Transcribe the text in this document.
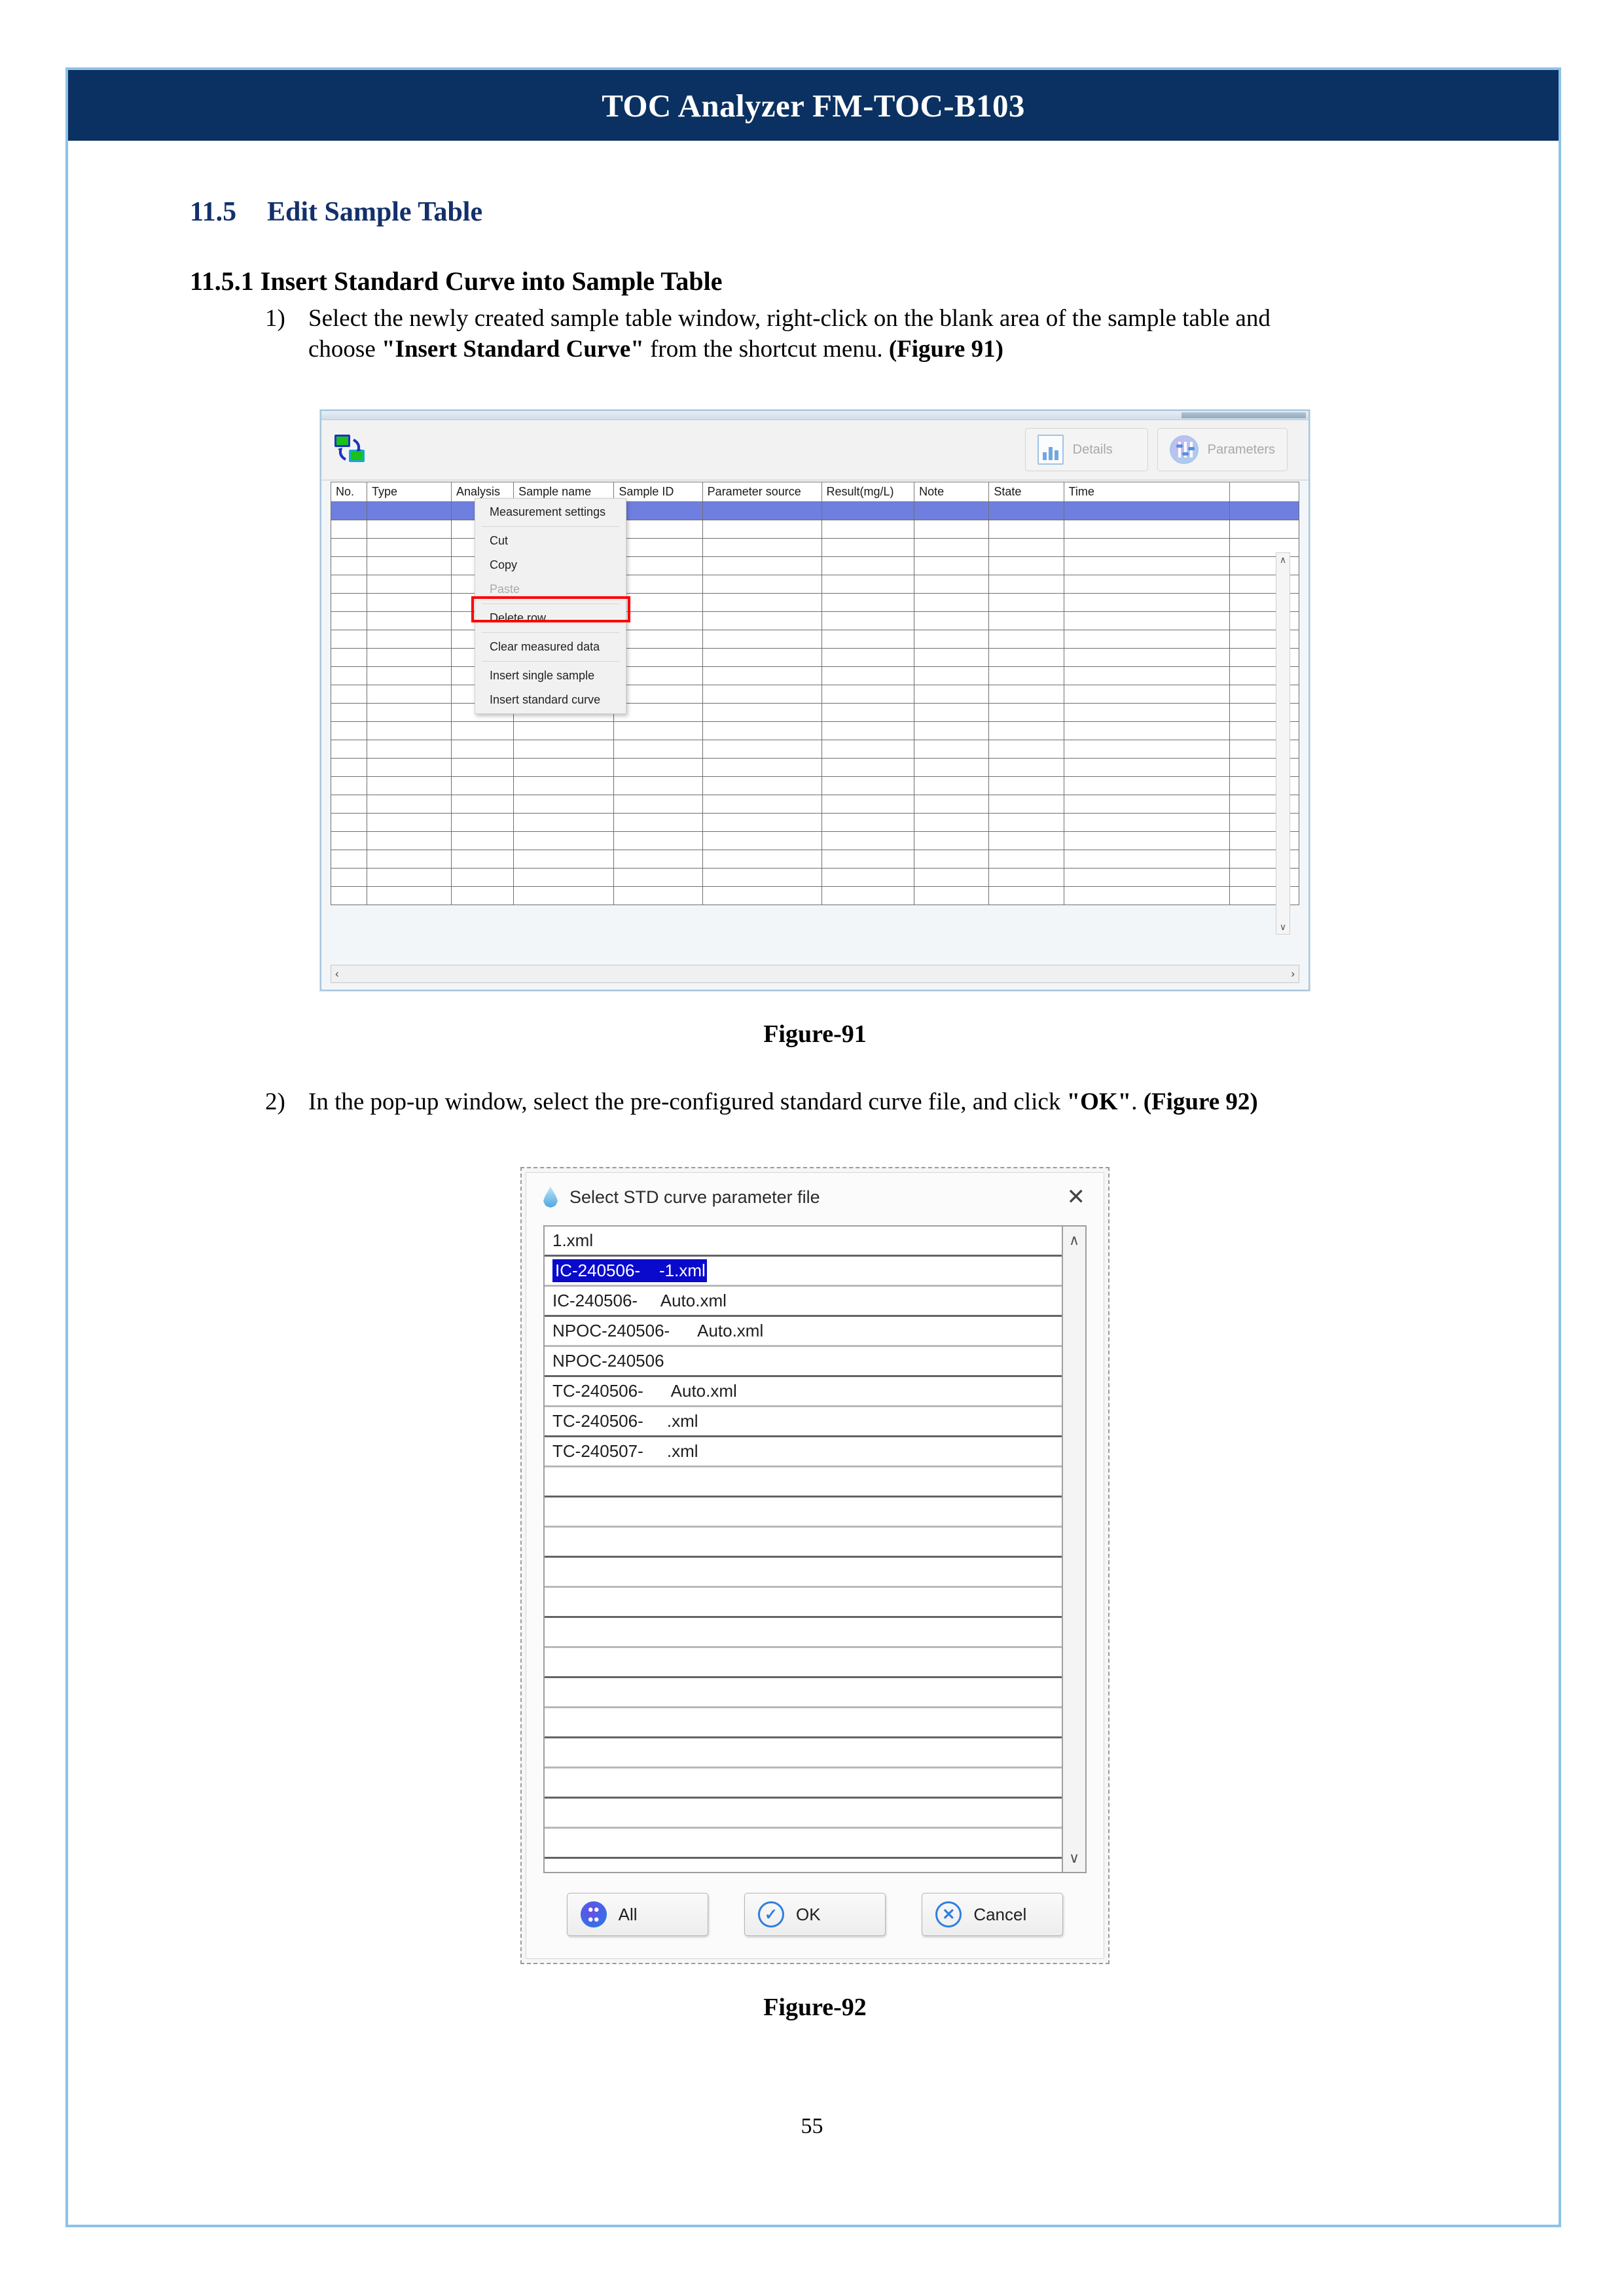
TOC Analyzer FM-TOC-B103
11.5 Edit Sample Table
11.5.1 Insert Standard Curve into Sample Table
1) Select the newly created sample table window, right-click on the blank area of the sample table and choose "Insert Standard Curve" from the shortcut menu. (Figure 91)
Details	Parameters
No.	Type	Analysis	Sample name	Sample ID	Parameter source	Result(mg/L)	Note	State	Time	

∧
∨
‹	›
Measurement settings
Cut
Copy
Paste
Delete row
Clear measured data
Insert single sample
Insert standard curve
Figure-91
2) In the pop-up window, select the pre-configured standard curve file, and click "OK". (Figure 92)
Select STD curve parameter file	✕
1.xml
IC-240506-    -1.xml
IC-240506-     Auto.xml
NPOC-240506-      Auto.xml
NPOC-240506
TC-240506-      Auto.xml
TC-240506-     .xml
TC-240507-     .xml
∧
∨
●●
●●	All	✓	OK	✕	Cancel
Figure-92
55
